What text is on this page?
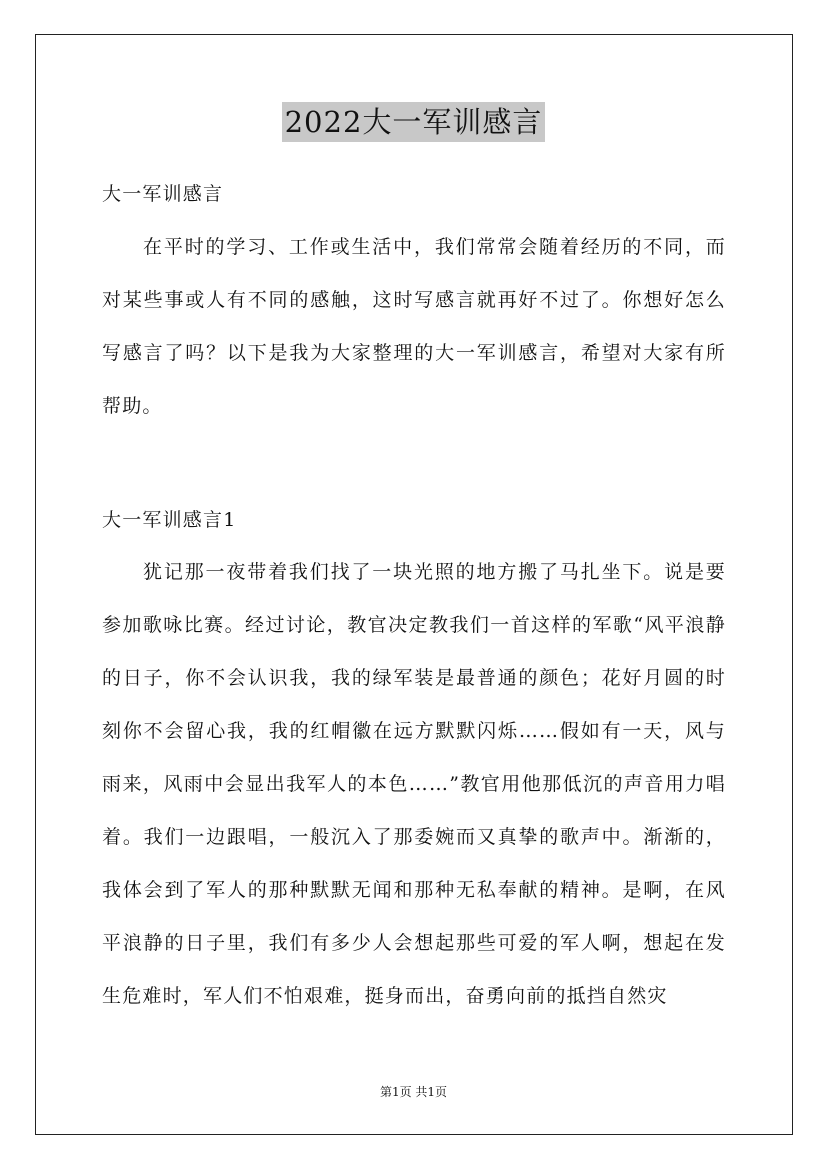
2022大一军训感言
大一军训感言

在平时的学习、工作或生活中，我们常常会随着经历的不同，而对某些事或人有不同的感触，这时写感言就再好不过了。你想好怎么写感言了吗？以下是我为大家整理的大一军训感言，希望对大家有所帮助。

大一军训感言1

犹记那一夜带着我们找了一块光照的地方搬了马扎坐下。说是要参加歌咏比赛。经过讨论，教官决定教我们一首这样的军歌“风平浪静的日子，你不会认识我，我的绿军装是最普通的颜色；花好月圆的时刻你不会留心我，我的红帽徽在远方默默闪烁……假如有一天，风与雨来，风雨中会显出我军人的本色……”教官用他那低沉的声音用力唱着。我们一边跟唱，一般沉入了那委婉而又真挚的歌声中。渐渐的，我体会到了军人的那种默默无闻和那种无私奉献的精神。是啊，在风平浪静的日子里，我们有多少人会想起那些可爱的军人啊，想起在发生危难时，军人们不怕艰难，挺身而出，奋勇向前的抵挡自然灾

第1页 共1页
